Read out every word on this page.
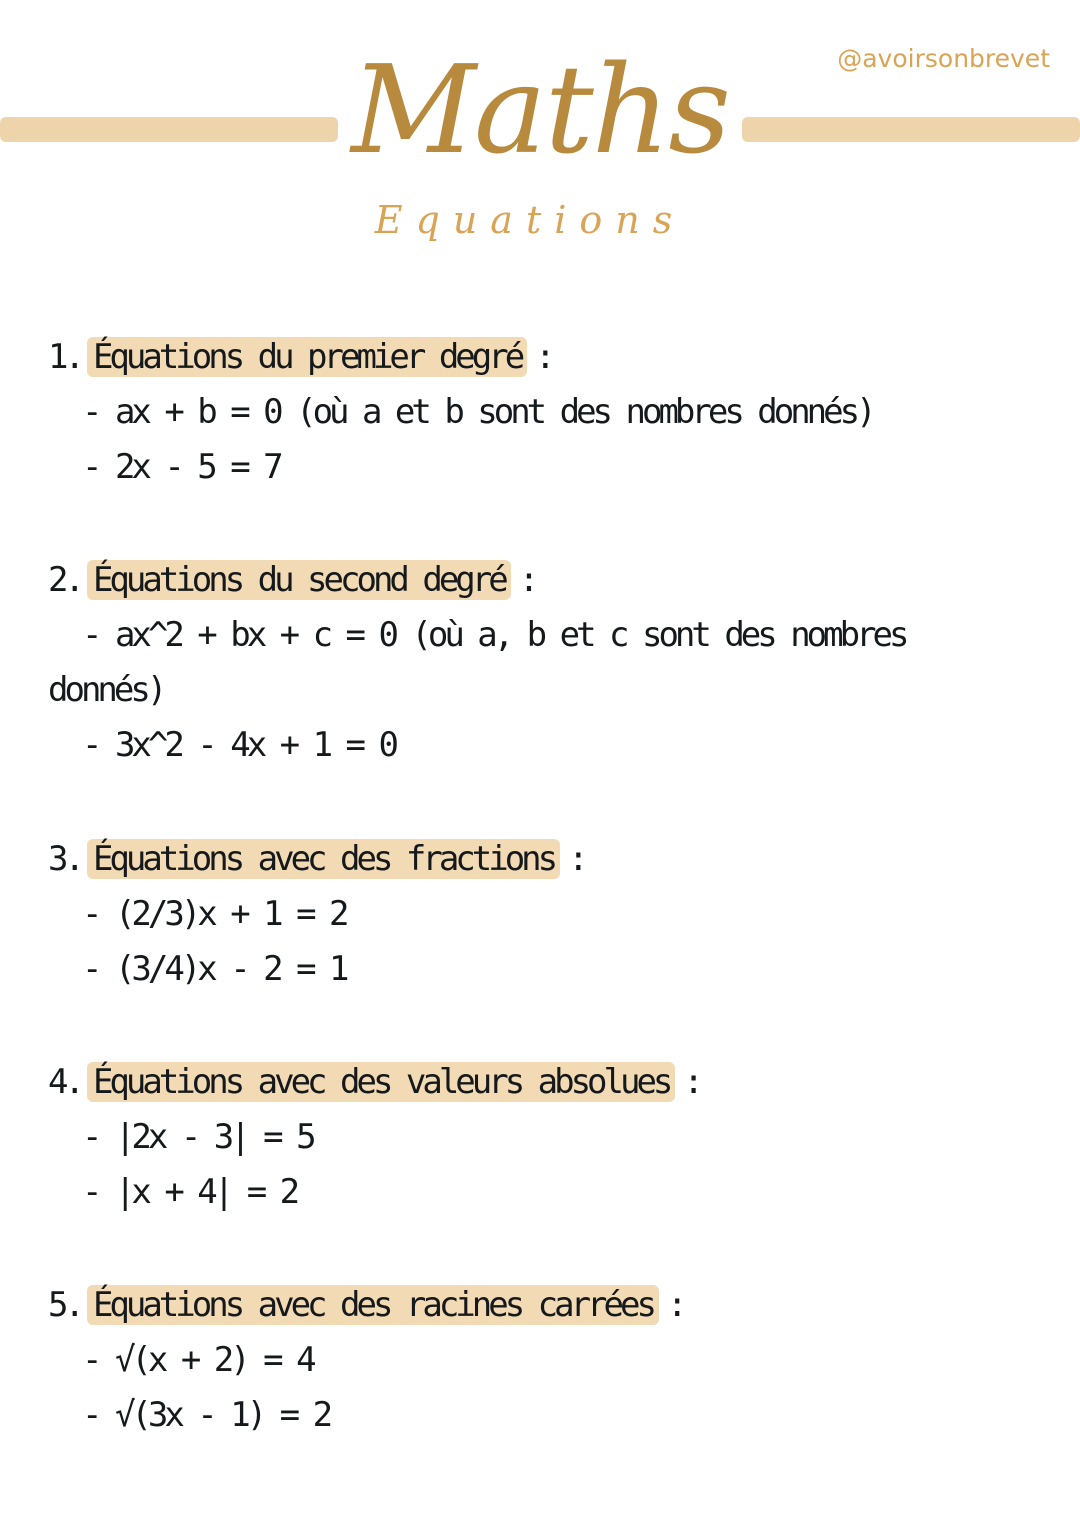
Maths
Equations
@avoirsonbrevet
1. Équations du premier degré :
- ax + b = 0 (où a et b sont des nombres donnés)
- 2x - 5 = 7
2. Équations du second degré :
- ax^2 + bx + c = 0 (où a, b et c sont des nombres
donnés)
- 3x^2 - 4x + 1 = 0
3. Équations avec des fractions :
- (2/3)x + 1 = 2
- (3/4)x - 2 = 1
4. Équations avec des valeurs absolues :
- |2x - 3| = 5
- |x + 4| = 2
5. Équations avec des racines carrées :
- √(x + 2) = 4
- √(3x - 1) = 2
